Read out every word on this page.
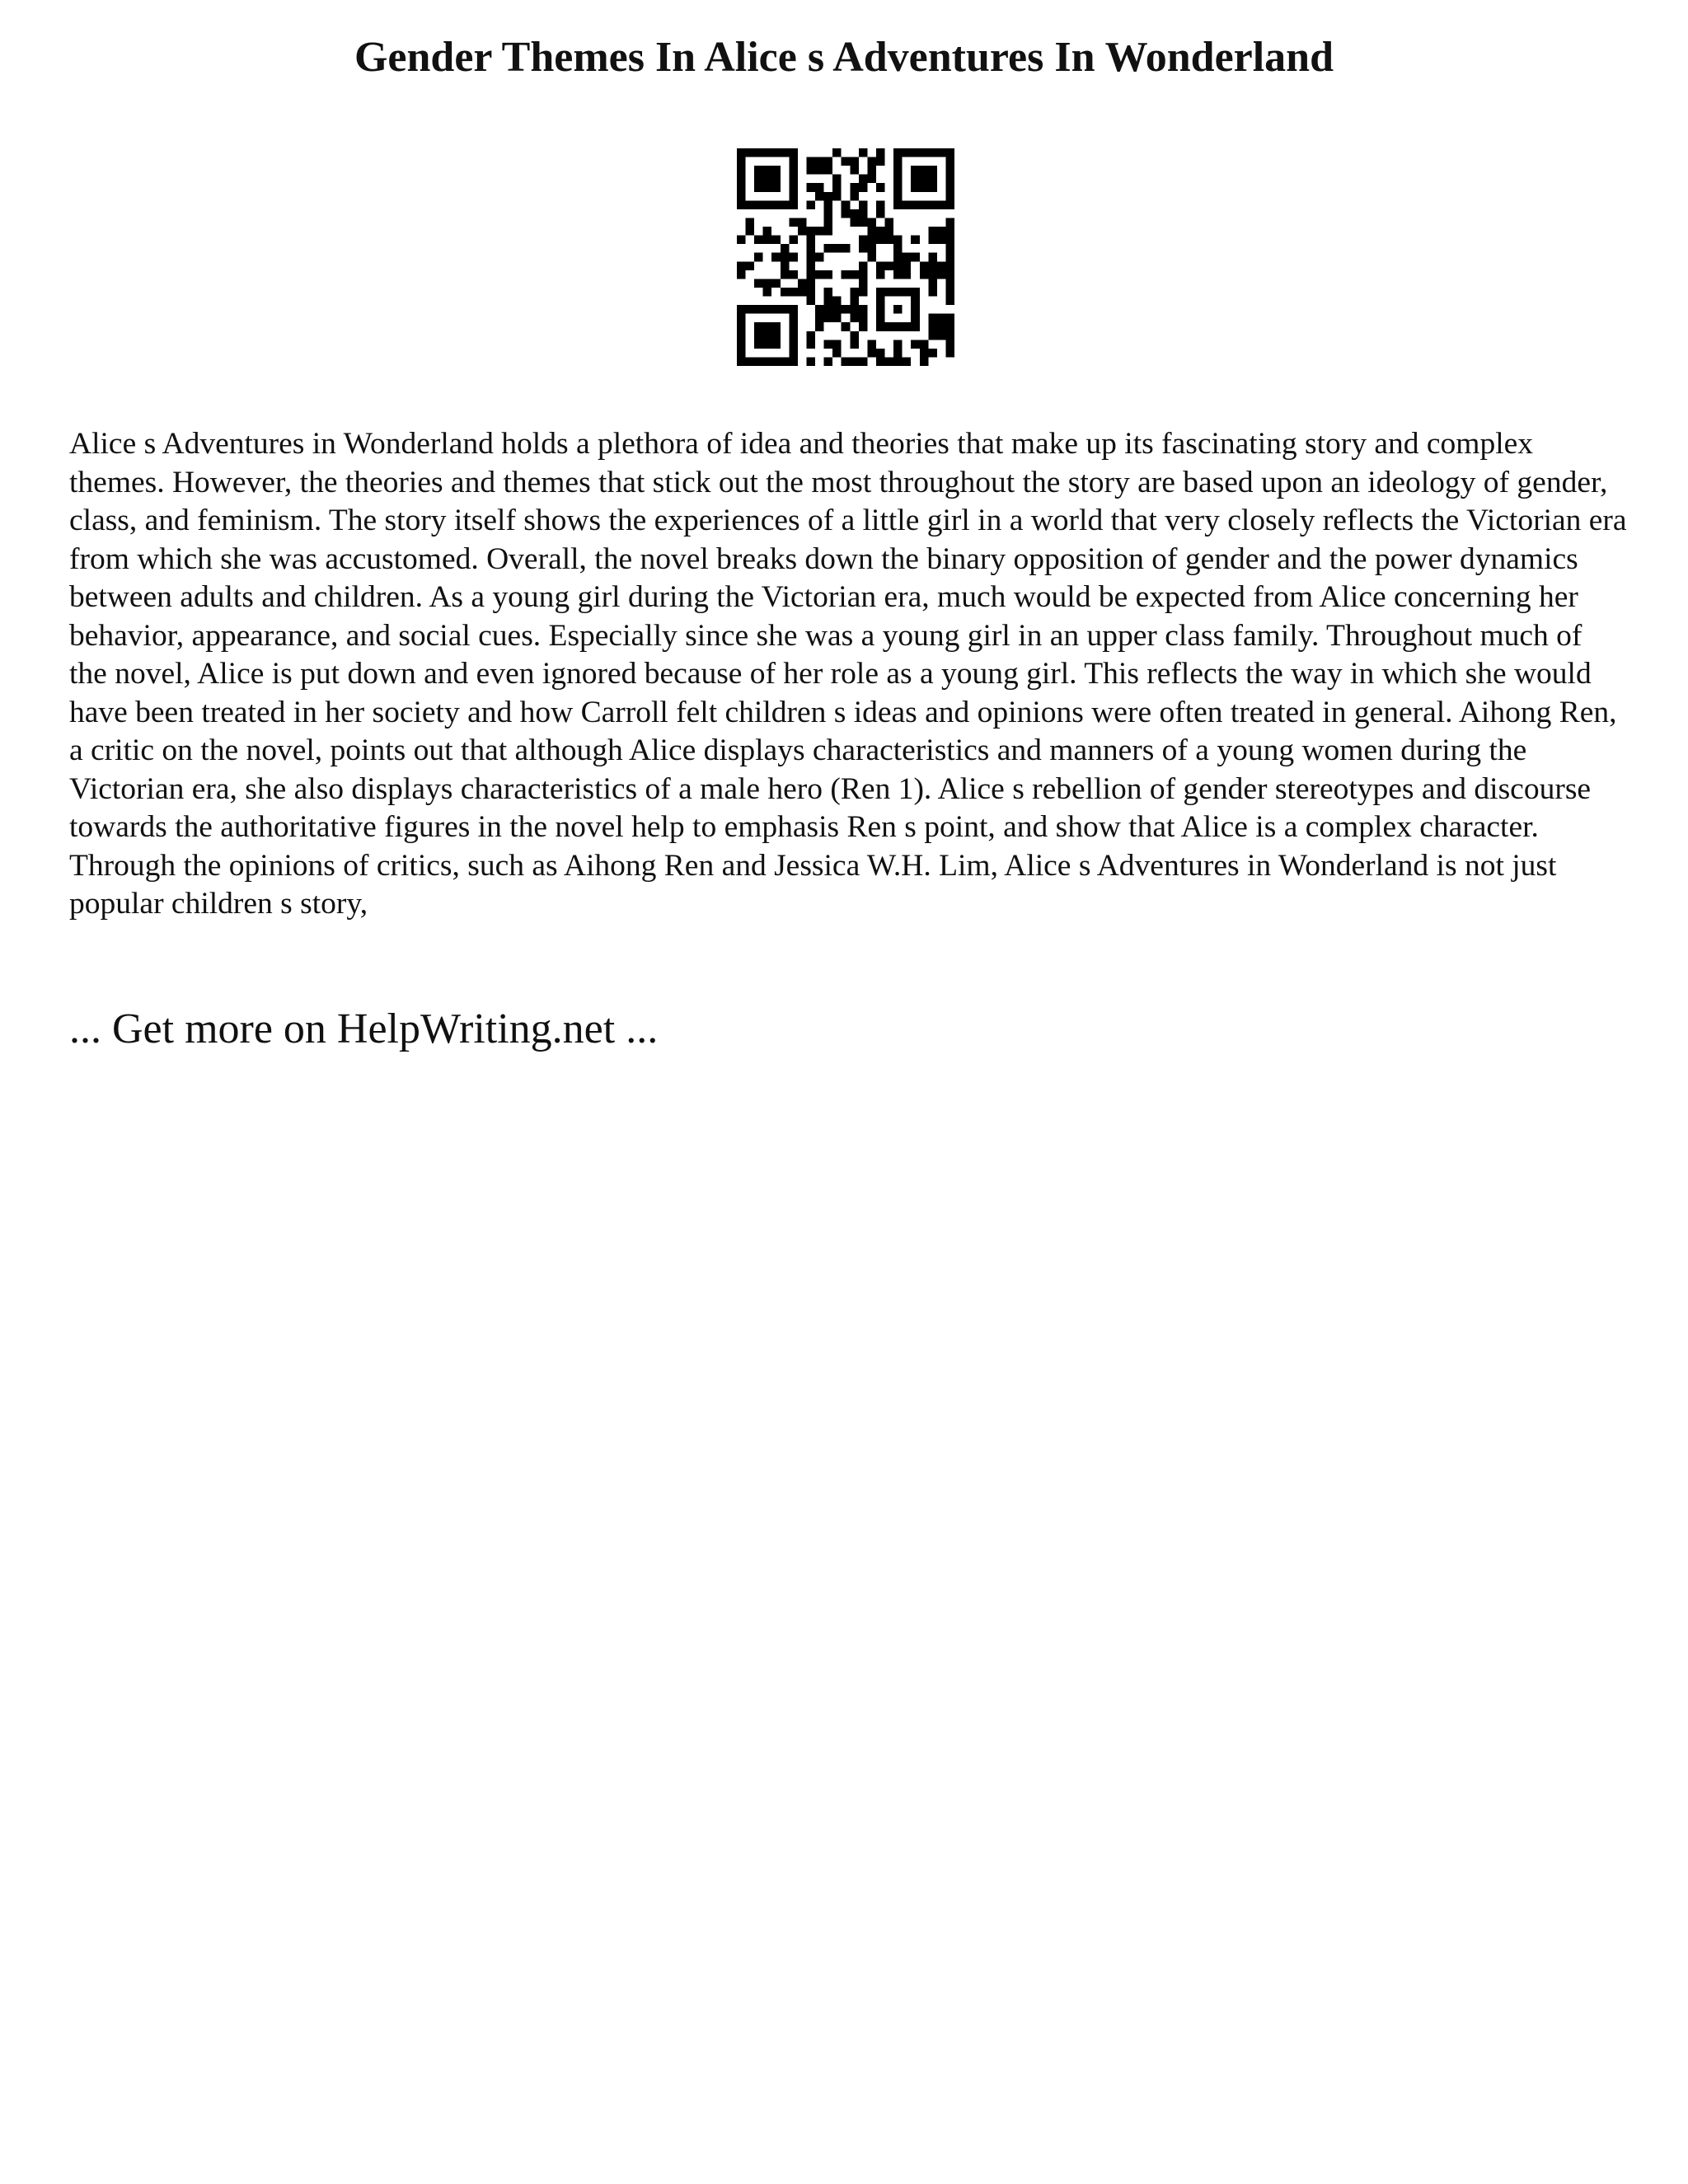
Gender Themes In Alice s Adventures In Wonderland

Alice s Adventures in Wonderland holds a plethora of idea and theories that make up its fascinating story and complex themes. However, the theories and themes that stick out the most throughout the story are based upon an ideology of gender, class, and feminism. The story itself shows the experiences of a little girl in a world that very closely reflects the Victorian era from which she was accustomed. Overall, the novel breaks down the binary opposition of gender and the power dynamics between adults and children. As a young girl during the Victorian era, much would be expected from Alice concerning her behavior, appearance, and social cues. Especially since she was a young girl in an upper class family. Throughout much of the novel, Alice is put down and even ignored because of her role as a young girl. This reflects the way in which she would have been treated in her society and how Carroll felt children s ideas and opinions were often treated in general. Aihong Ren, a critic on the novel, points out that although Alice displays characteristics and manners of a young women during the Victorian era, she also displays characteristics of a male hero (Ren 1). Alice s rebellion of gender stereotypes and discourse towards the authoritative figures in the novel help to emphasis Ren s point, and show that Alice is a complex character. Through the opinions of critics, such as Aihong Ren and Jessica W.H. Lim, Alice s Adventures in Wonderland is not just popular children s story,

... Get more on HelpWriting.net ...
